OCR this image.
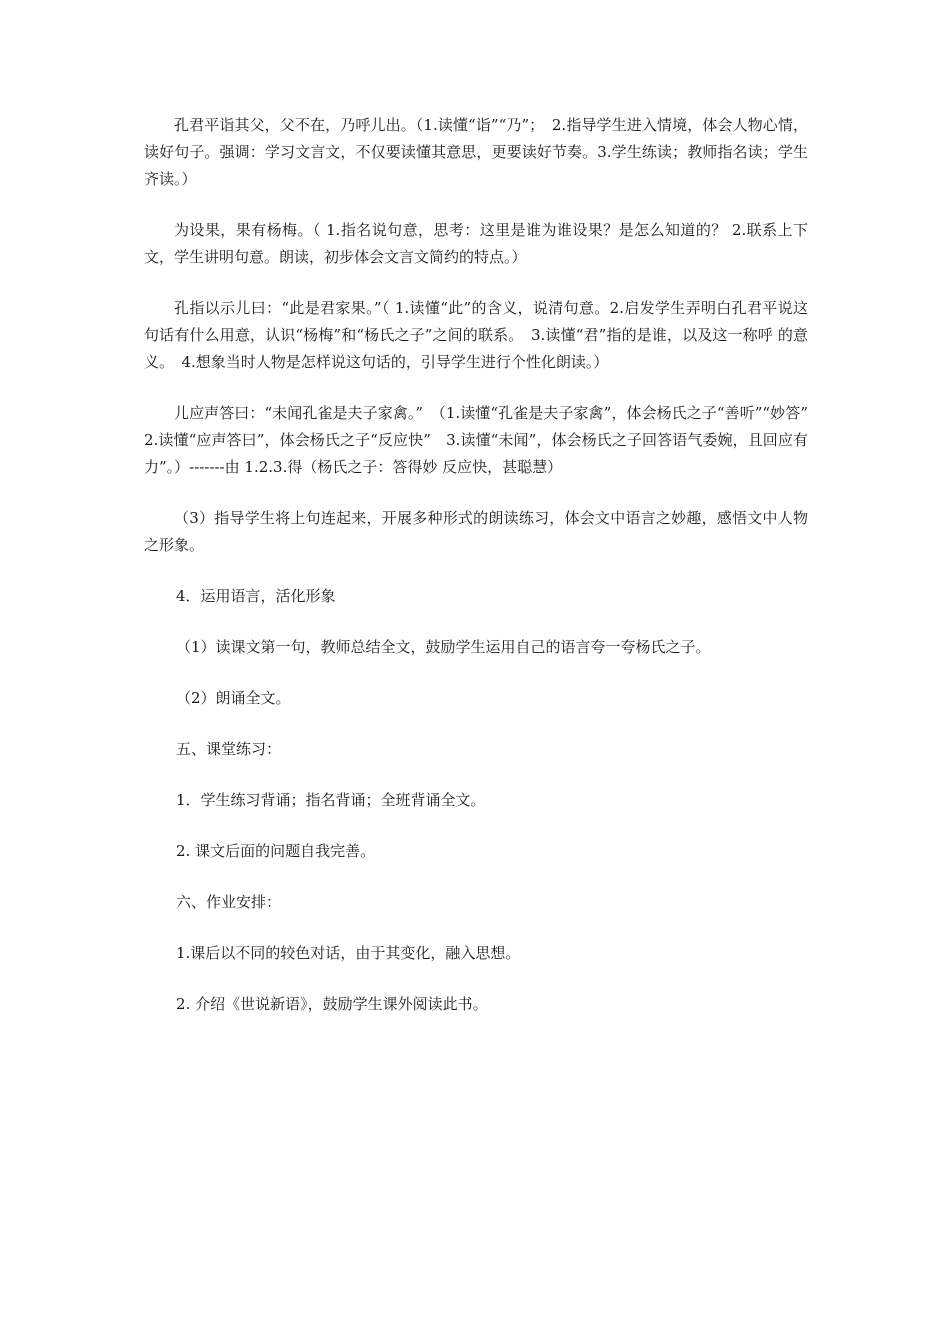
孔君平诣其父，父不在，乃呼儿出。（1.读懂“诣”“乃”；　2.指导学生进入情境，体会人物心情，读好句子。强调：学习文言文，不仅要读懂其意思，更要读好节奏。3.学生练读；教师指名读；学生齐读。）

为设果，果有杨梅。（ 1.指名说句意，思考：这里是谁为谁设果？是怎么知道的？ 2.联系上下文，学生讲明句意。朗读，初步体会文言文简约的特点。）

孔指以示儿曰：“此是君家果。”（ 1.读懂“此”的含义，说清句意。2.启发学生弄明白孔君平说这句话有什么用意，认识“杨梅”和“杨氏之子”之间的联系。　3.读懂“君”指的是谁，以及这一称呼 的意义。　4.想象当时人物是怎样说这句话的，引导学生进行个性化朗读。）

儿应声答曰：“未闻孔雀是夫子家禽。”　（1.读懂“孔雀是夫子家禽”，体会杨氏之子“善听”“妙答” 2.读懂“应声答曰”，体会杨氏之子“反应快”　3.读懂“未闻”，体会杨氏之子回答语气委婉，且回应有力”。）-------由 1.2.3.得（杨氏之子：答得妙 反应快，甚聪慧）

（3）指导学生将上句连起来，开展多种形式的朗读练习，体会文中语言之妙趣，感悟文中人物之形象。

4．运用语言，活化形象
（1）读课文第一句，教师总结全文，鼓励学生运用自己的语言夸一夸杨氏之子。
（2）朗诵全文。
五、课堂练习：
1．学生练习背诵；指名背诵；全班背诵全文。
2. 课文后面的问题自我完善。
六、作业安排：
1.课后以不同的较色对话，由于其变化，融入思想。
2. 介绍《世说新语》，鼓励学生课外阅读此书。
